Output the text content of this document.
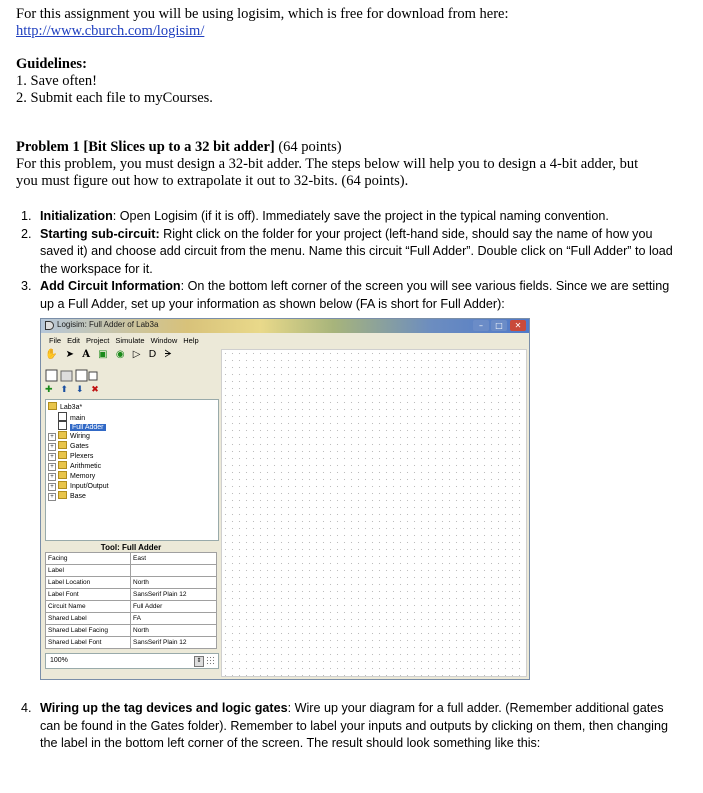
For this assignment you will be using logisim, which is free for download from here:
http://www.cburch.com/logisim/
Guidelines:
1. Save often!
2. Submit each file to myCourses.
Problem 1 [Bit Slices up to a 32 bit adder] (64 points)
For this problem, you must design a 32-bit adder. The steps below will help you to design a 4-bit adder, but
you must figure out how to extrapolate it out to 32-bits. (64 points).
1. Initialization: Open Logisim (if it is off). Immediately save the project in the typical naming convention.
2. Starting sub-circuit: Right click on the folder for your project (left-hand side, should say the name of how you saved it) and choose add circuit from the menu. Name this circuit “Full Adder”. Double click on “Full Adder” to load the workspace for it.
3. Add Circuit Information: On the bottom left corner of the screen you will see various fields. Since we are setting up a Full Adder, set up your information as shown below (FA is short for Full Adder):
Logisim: Full Adder of Lab3a	–	□	✕
File Edit Project Simulate Window Help
✋ ➤ A ▣ ◉ ▷ D ᗒ
✚ ⬆ ⬇ ✖
Lab3a*
main
Full Adder
+ Wiring
+ Gates
+ Plexers
+ Arithmetic
+ Memory
+ Input/Output
+ Base
Tool: Full Adder
Facing	East
Label	
Label Location	North
Label Font	SansSerif Plain 12
Circuit Name	Full Adder
Shared Label	FA
Shared Label Facing	North
Shared Label Font	SansSerif Plain 12
100%	⇕
4. Wiring up the tag devices and logic gates: Wire up your diagram for a full adder. (Remember additional gates can be found in the Gates folder). Remember to label your inputs and outputs by clicking on them, then changing the label in the bottom left corner of the screen. The result should look something like this:
